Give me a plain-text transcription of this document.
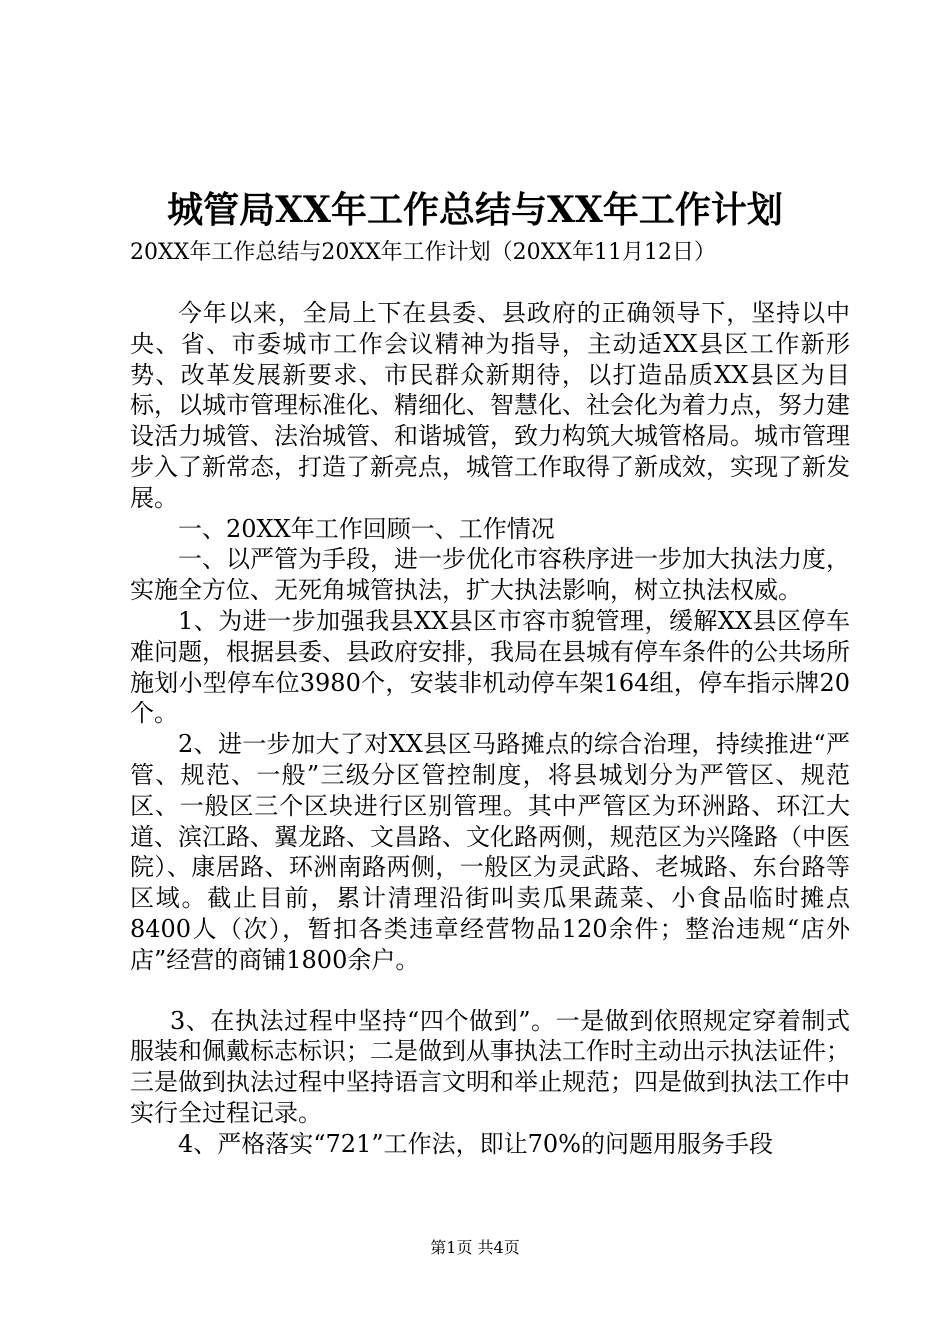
城管局XX年工作总结与XX年工作计划
20XX年工作总结与20XX年工作计划（20XX年11月12日）

今年以来，全局上下在县委、县政府的正确领导下，坚持以中央、省、市委城市工作会议精神为指导，主动适XX县区工作新形势、改革发展新要求、市民群众新期待，以打造品质XX县区为目标，以城市管理标准化、精细化、智慧化、社会化为着力点，努力建设活力城管、法治城管、和谐城管，致力构筑大城管格局。城市管理步入了新常态，打造了新亮点，城管工作取得了新成效，实现了新发展。

一、20XX年工作回顾一、工作情况

一、以严管为手段，进一步优化市容秩序进一步加大执法力度，实施全方位、无死角城管执法，扩大执法影响，树立执法权威。

1、为进一步加强我县XX县区市容市貌管理，缓解XX县区停车难问题，根据县委、县政府安排，我局在县城有停车条件的公共场所施划小型停车位3980个，安装非机动停车架164组，停车指示牌20个。

2、进一步加大了对XX县区马路摊点的综合治理，持续推进“严管、规范、一般”三级分区管控制度，将县城划分为严管区、规范区、一般区三个区块进行区别管理。其中严管区为环洲路、环江大道、滨江路、翼龙路、文昌路、文化路两侧，规范区为兴隆路（中医院）、康居路、环洲南路两侧，一般区为灵武路、老城路、东台路等区域。截止目前，累计清理沿街叫卖瓜果蔬菜、小食品临时摊点8400人（次），暂扣各类违章经营物品120余件；整治违规“店外店”经营的商铺1800余户。

3、在执法过程中坚持“四个做到”。一是做到依照规定穿着制式服装和佩戴标志标识；二是做到从事执法工作时主动出示执法证件；三是做到执法过程中坚持语言文明和举止规范；四是做到执法工作中实行全过程记录。

4、严格落实“721”工作法，即让70%的问题用服务手段

第1页 共4页
